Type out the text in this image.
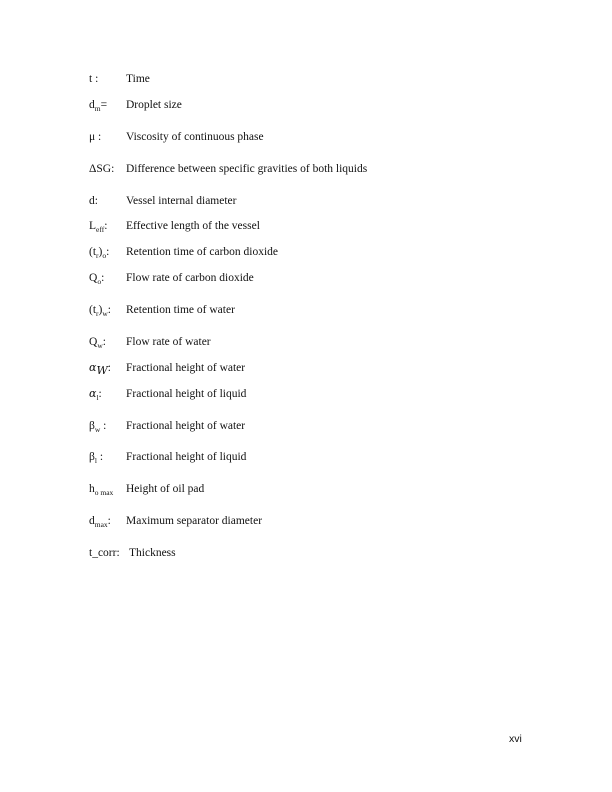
t : Time
$d_m=$ Droplet size
μ : Viscosity of continuous phase
ΔSG: Difference between specific gravities of both liquids
d: Vessel internal diameter
$L_{eff}$: Effective length of the vessel
$(t_r)_o$: Retention time of carbon dioxide
$Q_o$: Flow rate of carbon dioxide
$(t_r)_w$: Retention time of water
$Q_w$: Flow rate of water
αW: Fractional height of water
$\alpha_l$: Fractional height of liquid
$\beta_w$ : Fractional height of water
$\beta_l$ : Fractional height of liquid
$h_{o max}$ Height of oil pad
$d_{max}$: Maximum separator diameter
t_corr: Thickness
xvi
